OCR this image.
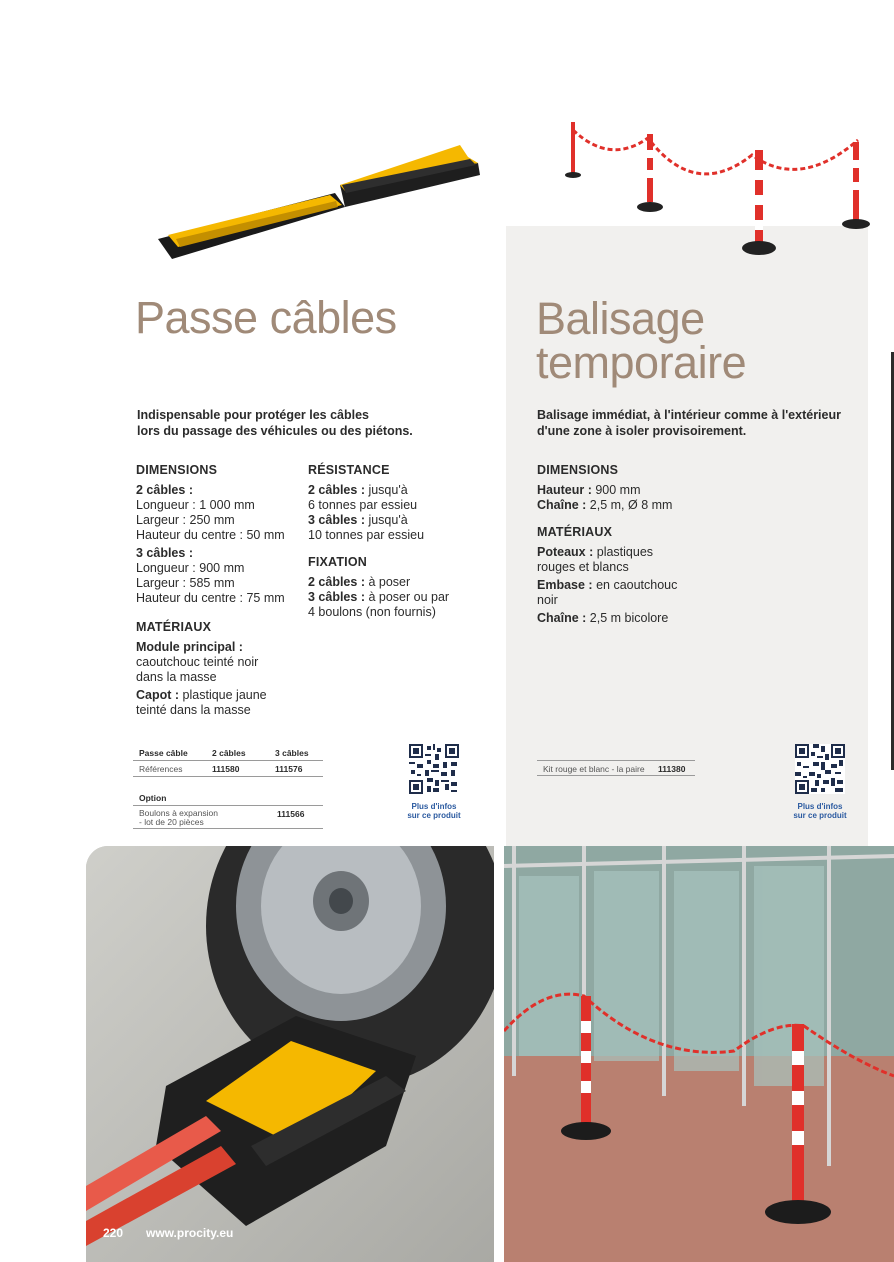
Passe câbles
Indispensable pour protéger les câbles
lors du passage des véhicules ou des piétons.
DIMENSIONS
2 câbles :
Longueur : 1 000 mm
Largeur : 250 mm
Hauteur du centre : 50 mm
3 câbles :
Longueur : 900 mm
Largeur : 585 mm
Hauteur du centre : 75 mm
MATÉRIAUX
Module principal :
caoutchouc teinté noir
dans la masse
Capot : plastique jaune
teinté dans la masse
RÉSISTANCE
2 câbles : jusqu'à
6 tonnes par essieu
3 câbles : jusqu'à
10 tonnes par essieu
FIXATION
2 câbles : à poser
3 câbles : à poser ou par
4 boulons (non fournis)
Passe câble	2 câbles	3 câbles
Références	111580	111576
Option
Boulons à expansion
- lot de 20 pièces
111566
Plus d'infos
sur ce produit
Balisage
temporaire
Balisage immédiat, à l'intérieur comme à l'extérieur
d'une zone à isoler provisoirement.
DIMENSIONS
Hauteur : 900 mm
Chaîne : 2,5 m, Ø 8 mm
MATÉRIAUX
Poteaux : plastiques
rouges et blancs
Embase : en caoutchouc
noir
Chaîne : 2,5 m bicolore
Kit rouge et blanc - la paire 111380
Plus d'infos
sur ce produit
220 www.procity.eu
